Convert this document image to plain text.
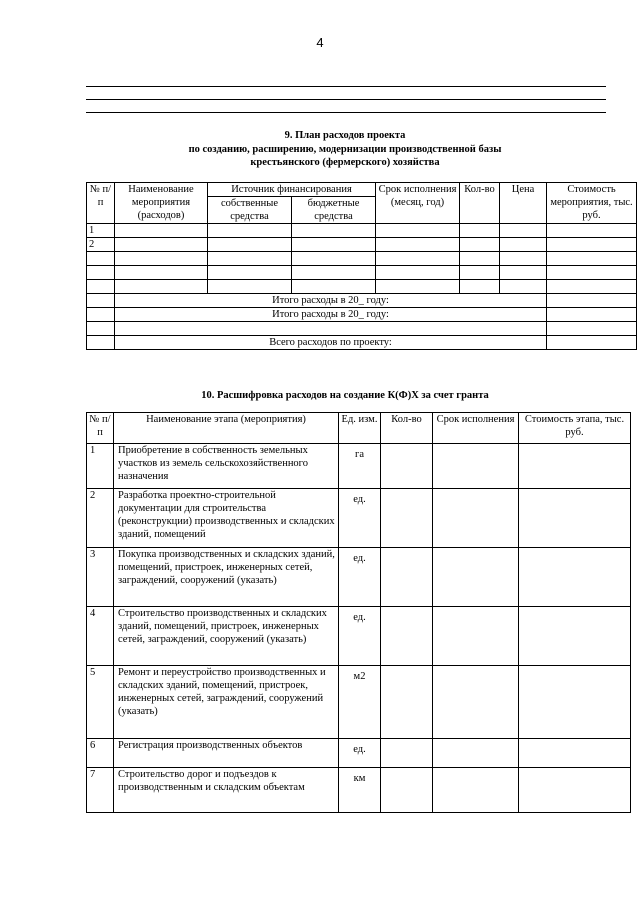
4
9. План расходов проекта
по созданию, расширению, модернизации производственной базы
крестьянского (фермерского) хозяйства
№ п/п	Наименование мероприятия (расходов)	Источник финансирования		Срок исполнения (месяц, год)	Кол-во	Цена	Стоимость мероприятия, тыс. руб.
		собственные средства	бюджетные средства				
1							
2							

	Итого расходы в 20_ году:						
	Итого расходы в 20_ году:						

	Всего расходов по проекту:						
10. Расшифровка расходов на создание К(Ф)Х за счет гранта
№ п/п	Наименование этапа (мероприятия)	Ед. изм.	Кол-во	Срок исполнения	Стоимость этапа, тыс. руб.
1	Приобретение в собственность земельных участков из земель сельскохозяйственного назначения	га			
2	Разработка проектно-строительной документации для строительства (реконструкции) производственных и складских зданий, помещений	ед.			
3	Покупка производственных и складских зданий, помещений, пристроек, инженерных сетей, заграждений, сооружений (указать)	ед.			
4	Строительство производственных и складских зданий, помещений, пристроек, инженерных сетей, заграждений, сооружений (указать)	ед.			
5	Ремонт и переустройство производственных и складских зданий, помещений, пристроек, инженерных сетей, заграждений, сооружений (указать)	м2			
6	Регистрация производственных объектов	ед.			
7	Строительство дорог и подъездов к производственным и складским объектам	км			
